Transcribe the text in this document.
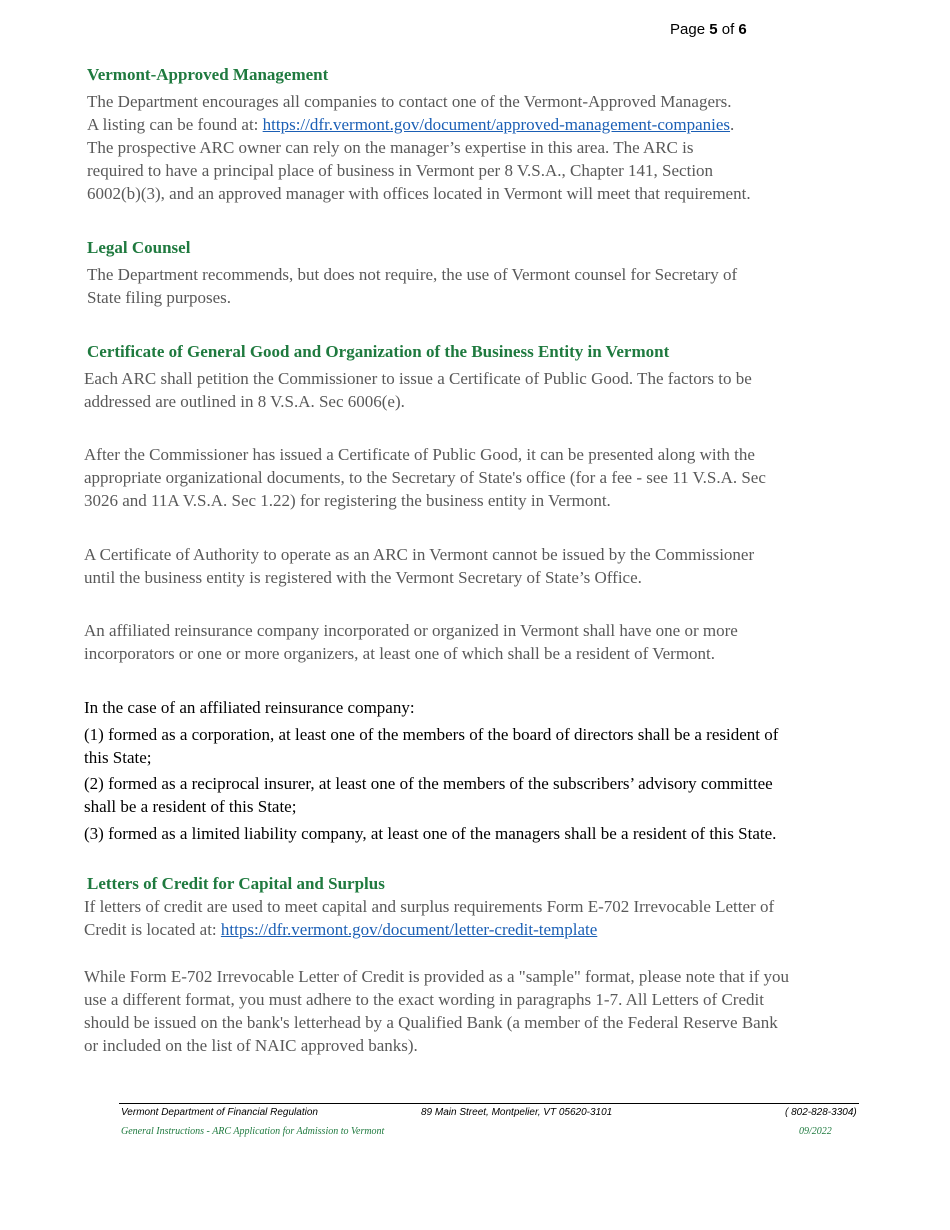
Page 5 of 6
Vermont-Approved Management
The Department encourages all companies to contact one of the Vermont-Approved Managers.
A listing can be found at: https://dfr.vermont.gov/document/approved-management-companies.
The prospective ARC owner can rely on the manager’s expertise in this area. The ARC is
required to have a principal place of business in Vermont per 8 V.S.A., Chapter 141, Section
6002(b)(3), and an approved manager with offices located in Vermont will meet that requirement.
Legal Counsel
The Department recommends, but does not require, the use of Vermont counsel for Secretary of
State filing purposes.
Certificate of General Good and Organization of the Business Entity in Vermont
Each ARC shall petition the Commissioner to issue a Certificate of Public Good. The factors to be
addressed are outlined in 8 V.S.A. Sec 6006(e).
After the Commissioner has issued a Certificate of Public Good, it can be presented along with the
appropriate organizational documents, to the Secretary of State's office (for a fee - see 11 V.S.A. Sec
3026 and 11A V.S.A. Sec 1.22) for registering the business entity in Vermont.
A Certificate of Authority to operate as an ARC in Vermont cannot be issued by the Commissioner
until the business entity is registered with the Vermont Secretary of State’s Office.
An affiliated reinsurance company incorporated or organized in Vermont shall have one or more
incorporators or one or more organizers, at least one of which shall be a resident of Vermont.
In the case of an affiliated reinsurance company:
(1) formed as a corporation, at least one of the members of the board of directors shall be a resident of
this State;
(2) formed as a reciprocal insurer, at least one of the members of the subscribers’ advisory committee
shall be a resident of this State;
(3) formed as a limited liability company, at least one of the managers shall be a resident of this State.
Letters of Credit for Capital and Surplus
If letters of credit are used to meet capital and surplus requirements Form E-702 Irrevocable Letter of
Credit is located at: https://dfr.vermont.gov/document/letter-credit-template
While Form E-702 Irrevocable Letter of Credit is provided as a "sample" format, please note that if you
use a different format, you must adhere to the exact wording in paragraphs 1-7. All Letters of Credit
should be issued on the bank's letterhead by a Qualified Bank (a member of the Federal Reserve Bank
or included on the list of NAIC approved banks).
Vermont Department of Financial Regulation	89 Main Street, Montpelier, VT 05620-3101	( 802-828-3304)
General Instructions - ARC Application for Admission to Vermont	09/2022
